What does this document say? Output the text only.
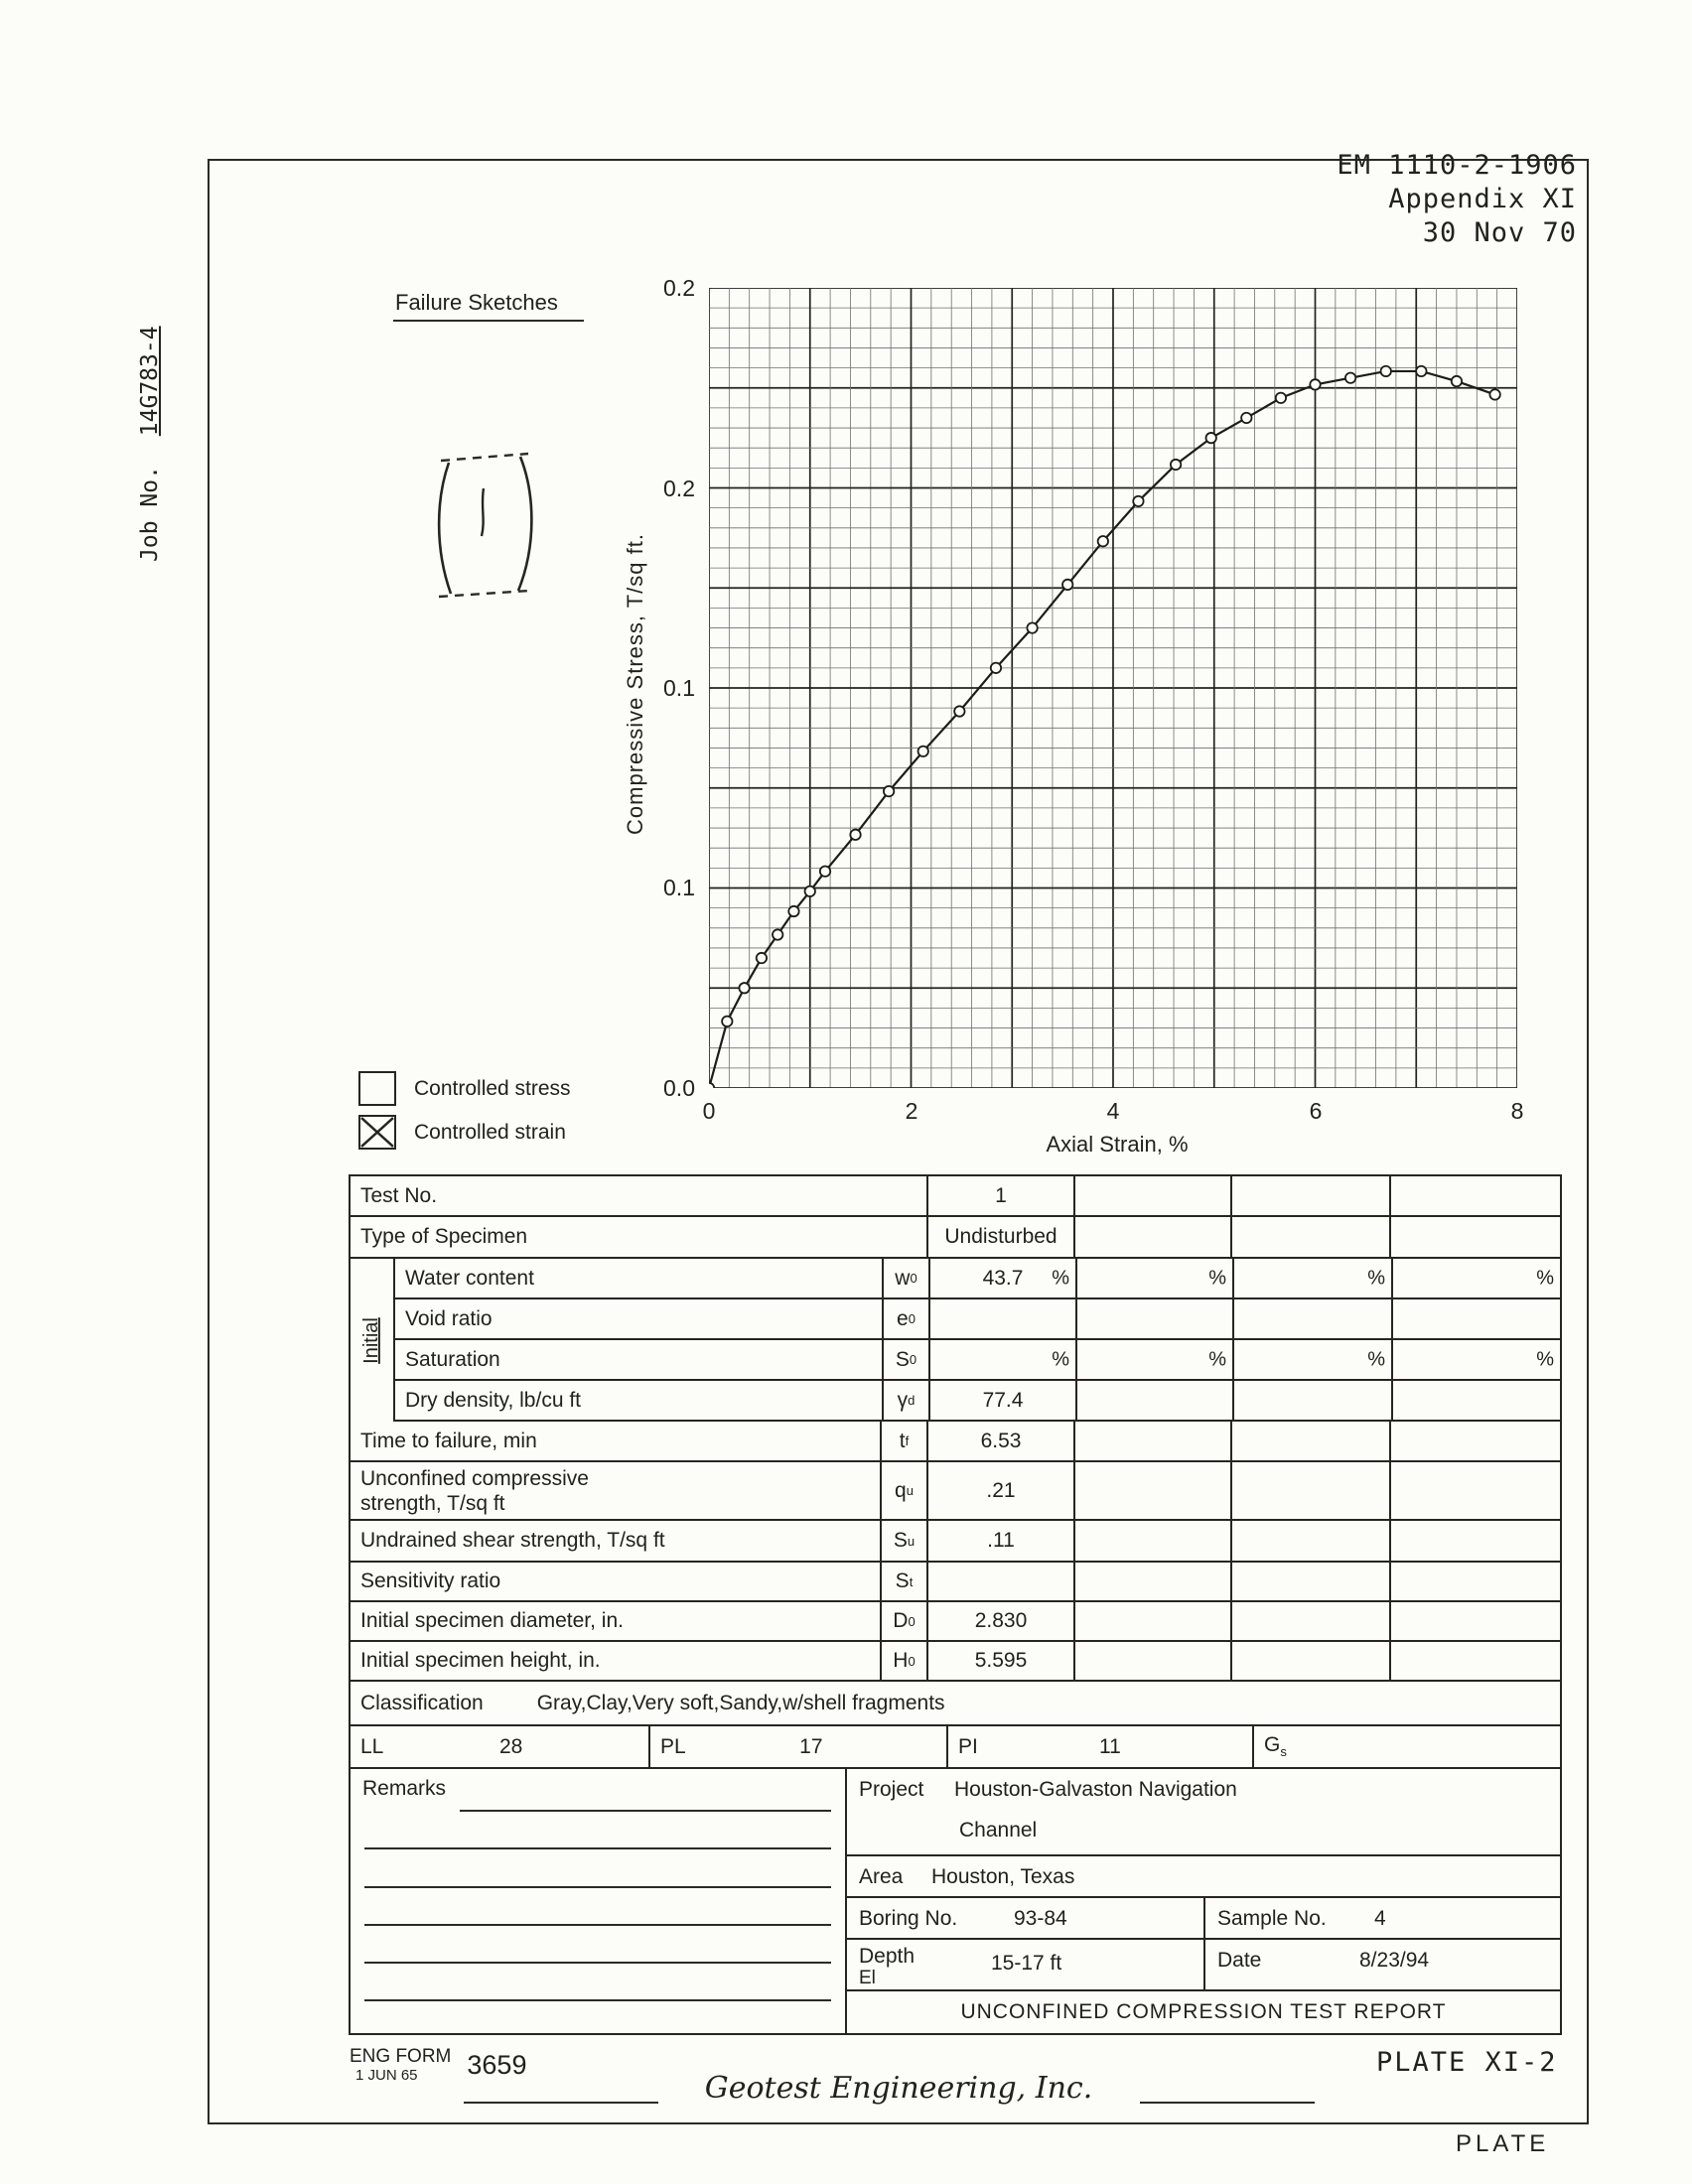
EM 1110-2-1906
Appendix XI
30 Nov 70
Job No. 14G783-4
Failure Sketches
Compressive Stress, T/sq ft.
Axial Strain, %
0.2
0.2
0.1
0.1
0.0
0	2	4	6	8
Controlled stress
Controlled strain
Initial
Test No.	1
Type of Specimen	Undisturbed
Water content	w 0	43.7 %	%	%	%
Void ratio	e 0
Saturation	S 0	%	%	%	%
Dry density, lb/cu ft	γ d	77.4
Time to failure, min	t f	6.53
Unconfined compressive
strength, T/sq ft
q u	.21
Undrained shear strength, T/sq ft	S u	.11
Sensitivity ratio	S t
Initial specimen diameter, in.	D 0	2.830
Initial specimen height, in.	H 0	5.595
Classification	Gray,Clay,Very soft,Sandy,w/shell fragments
LL	28	PL	17	PI	11	$G_s$
Remarks	Project Houston-Galvaston Navigation
Channel
Area Houston, Texas
Boring No.	93-84	Sample No. 4
Depth
El
15-17 ft	Date	8/23/94
UNCONFINED COMPRESSION TEST REPORT
ENG FORM
1 JUN 65	3659	PLATE XI-2
Geotest Engineering, Inc.
PLATE
